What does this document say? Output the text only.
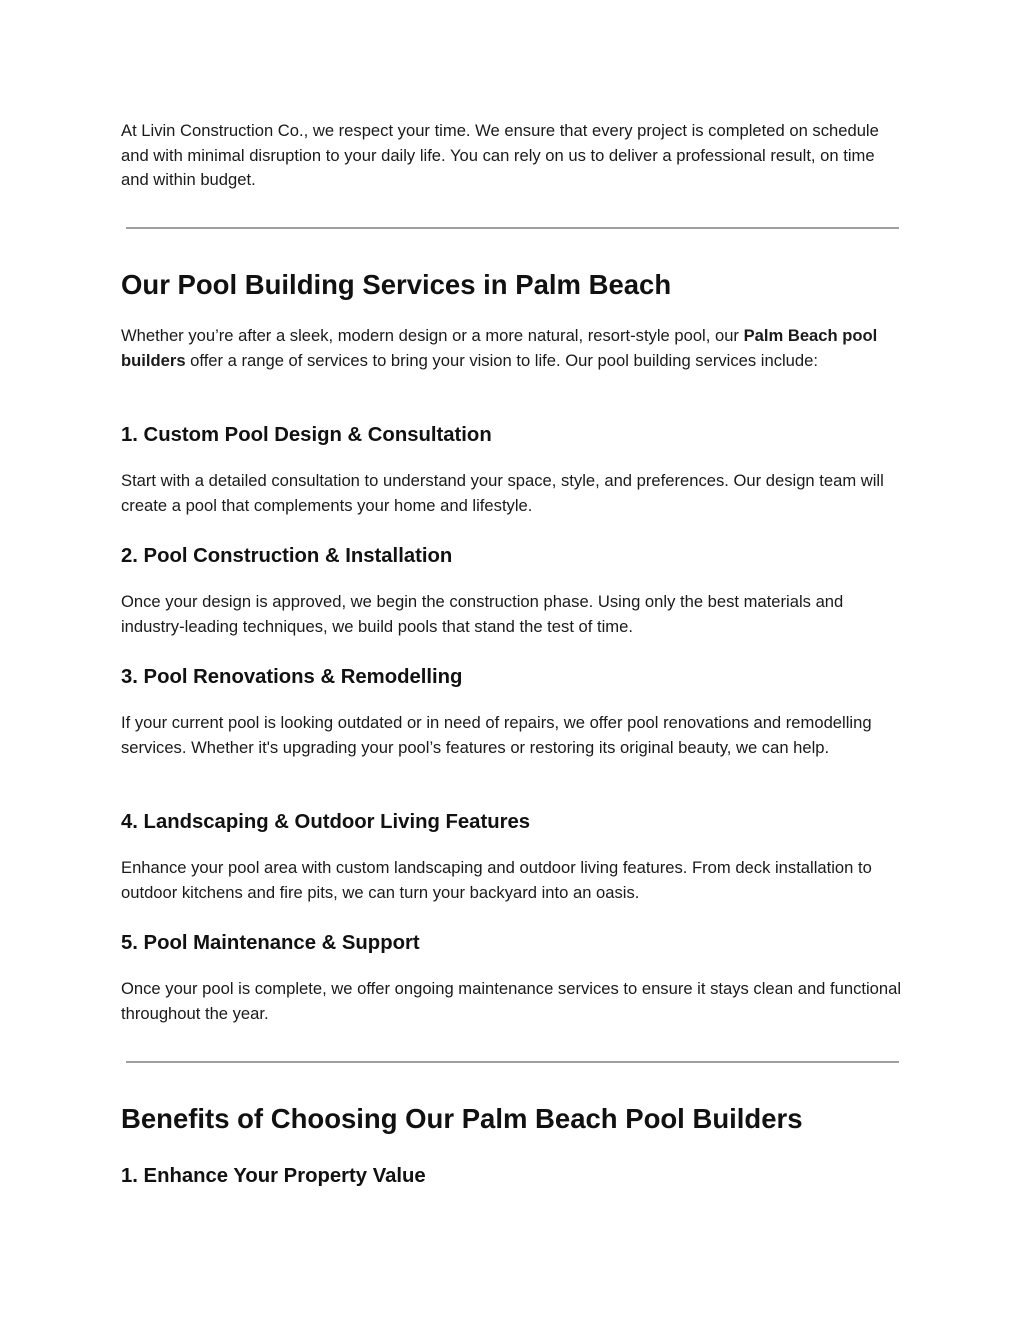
At Livin Construction Co., we respect your time. We ensure that every project is completed on schedule and with minimal disruption to your daily life. You can rely on us to deliver a professional result, on time and within budget.

Our Pool Building Services in Palm Beach

Whether you’re after a sleek, modern design or a more natural, resort-style pool, our Palm Beach pool builders offer a range of services to bring your vision to life. Our pool building services include:

1. Custom Pool Design & Consultation

Start with a detailed consultation to understand your space, style, and preferences. Our design team will create a pool that complements your home and lifestyle.

2. Pool Construction & Installation

Once your design is approved, we begin the construction phase. Using only the best materials and industry-leading techniques, we build pools that stand the test of time.

3. Pool Renovations & Remodelling

If your current pool is looking outdated or in need of repairs, we offer pool renovations and remodelling services. Whether it's upgrading your pool’s features or restoring its original beauty, we can help.

4. Landscaping & Outdoor Living Features

Enhance your pool area with custom landscaping and outdoor living features. From deck installation to outdoor kitchens and fire pits, we can turn your backyard into an oasis.

5. Pool Maintenance & Support

Once your pool is complete, we offer ongoing maintenance services to ensure it stays clean and functional throughout the year.

Benefits of Choosing Our Palm Beach Pool Builders
1. Enhance Your Property Value
